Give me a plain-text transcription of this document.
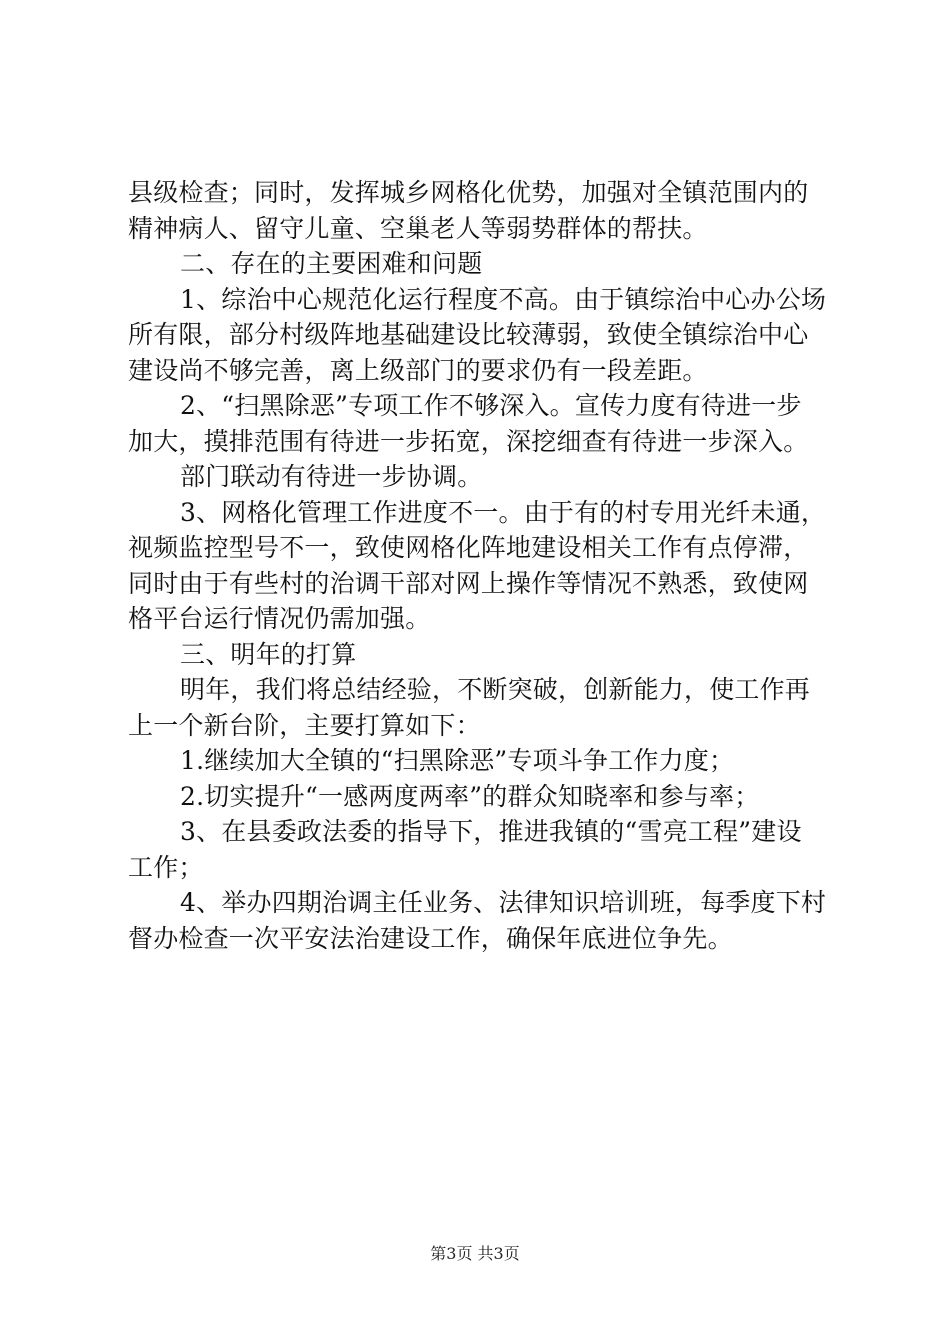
县级检查；同时，发挥城乡网格化优势，加强对全镇范围内的
精神病人、留守儿童、空巢老人等弱势群体的帮扶。
二、存在的主要困难和问题
1、综治中心规范化运行程度不高。由于镇综治中心办公场
所有限，部分村级阵地基础建设比较薄弱，致使全镇综治中心
建设尚不够完善，离上级部门的要求仍有一段差距。
2、“扫黑除恶”专项工作不够深入。宣传力度有待进一步
加大，摸排范围有待进一步拓宽，深挖细查有待进一步深入。
部门联动有待进一步协调。
3、网格化管理工作进度不一。由于有的村专用光纤未通，
视频监控型号不一，致使网格化阵地建设相关工作有点停滞，
同时由于有些村的治调干部对网上操作等情况不熟悉，致使网
格平台运行情况仍需加强。
三、明年的打算
明年，我们将总结经验，不断突破，创新能力，使工作再
上一个新台阶，主要打算如下：
1.继续加大全镇的“扫黑除恶”专项斗争工作力度；
2.切实提升“一感两度两率”的群众知晓率和参与率；
3、在县委政法委的指导下，推进我镇的“雪亮工程”建设
工作；
4、举办四期治调主任业务、法律知识培训班，每季度下村
督办检查一次平安法治建设工作，确保年底进位争先。
第3页 共3页
